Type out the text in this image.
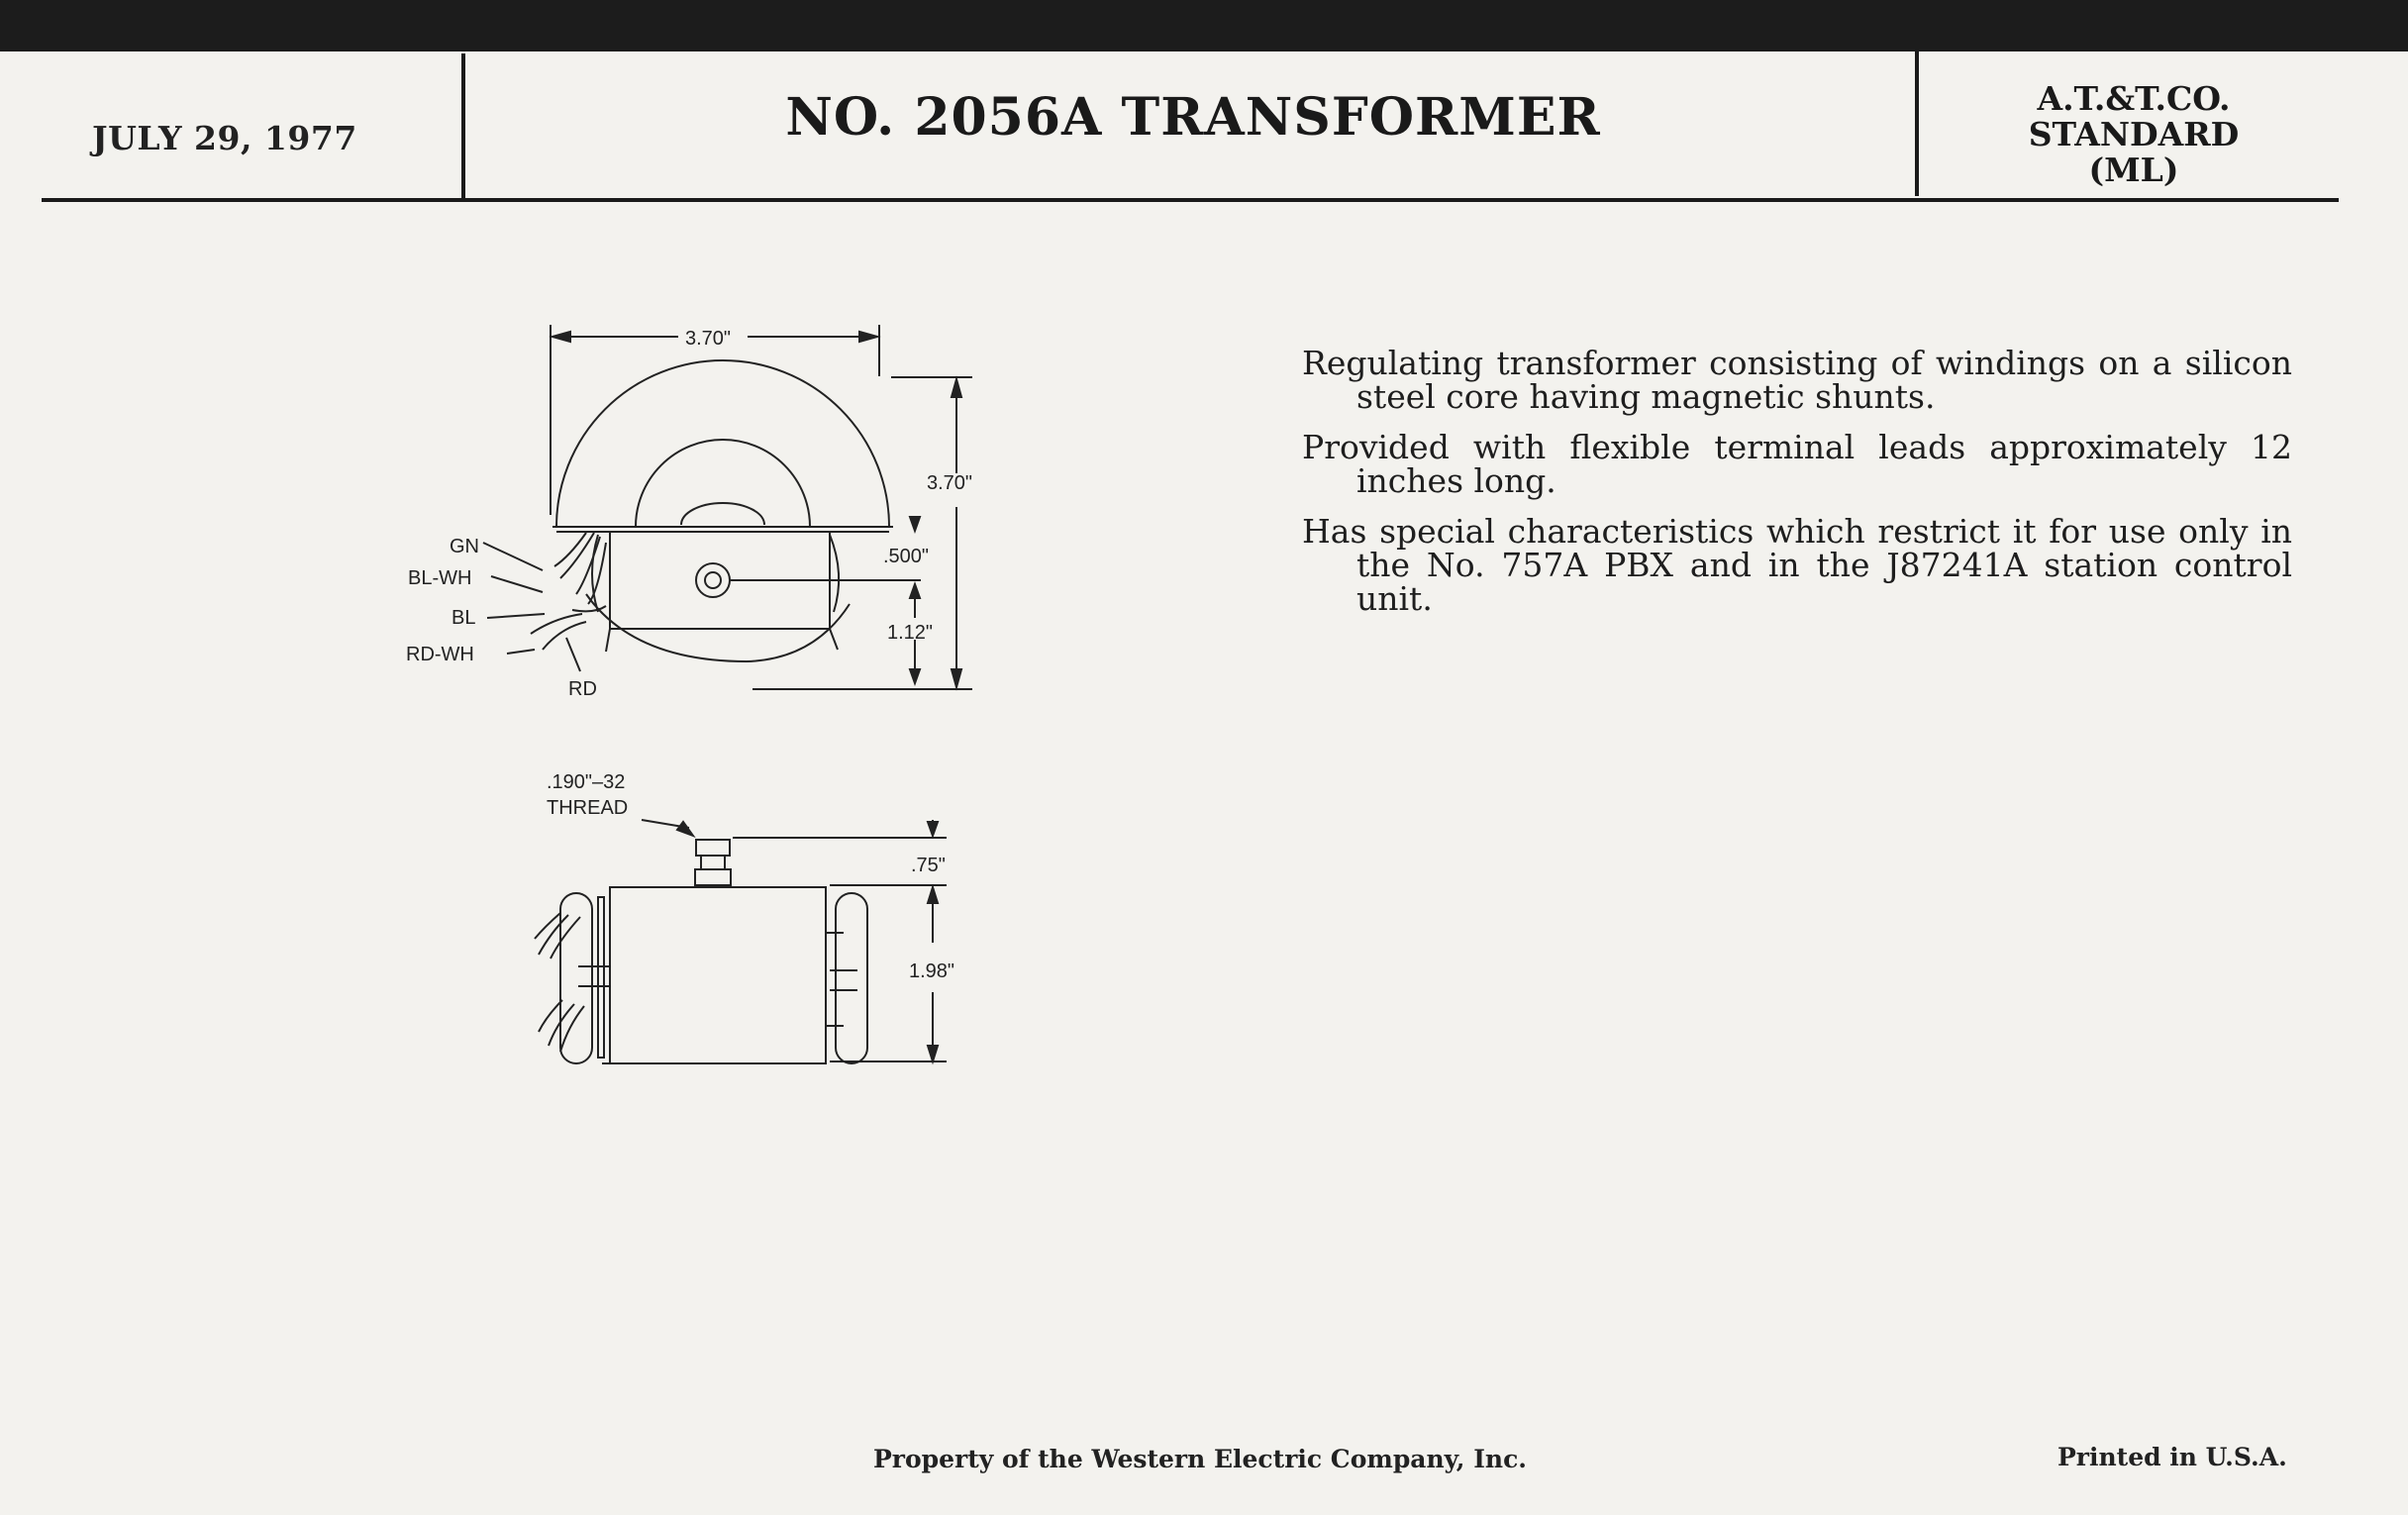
JULY 29, 1977	NO. 2056A TRANSFORMER	A.T.&T.CO.
STANDARD
(ML)
3.70"
3.70"
.500"
1.12"
GN
BL-WH
BL
RD-WH
RD
.190"–32
THREAD
.75"
1.98"

Regulating transformer consisting of windings on a silicon steel core having magnetic shunts.

Provided with flexible terminal leads approximately 12 inches long.

Has special characteristics which restrict it for use only in the No. 757A PBX and in the J87241A station control unit.

Property of the Western Electric Company, Inc.	Printed in U.S.A.
